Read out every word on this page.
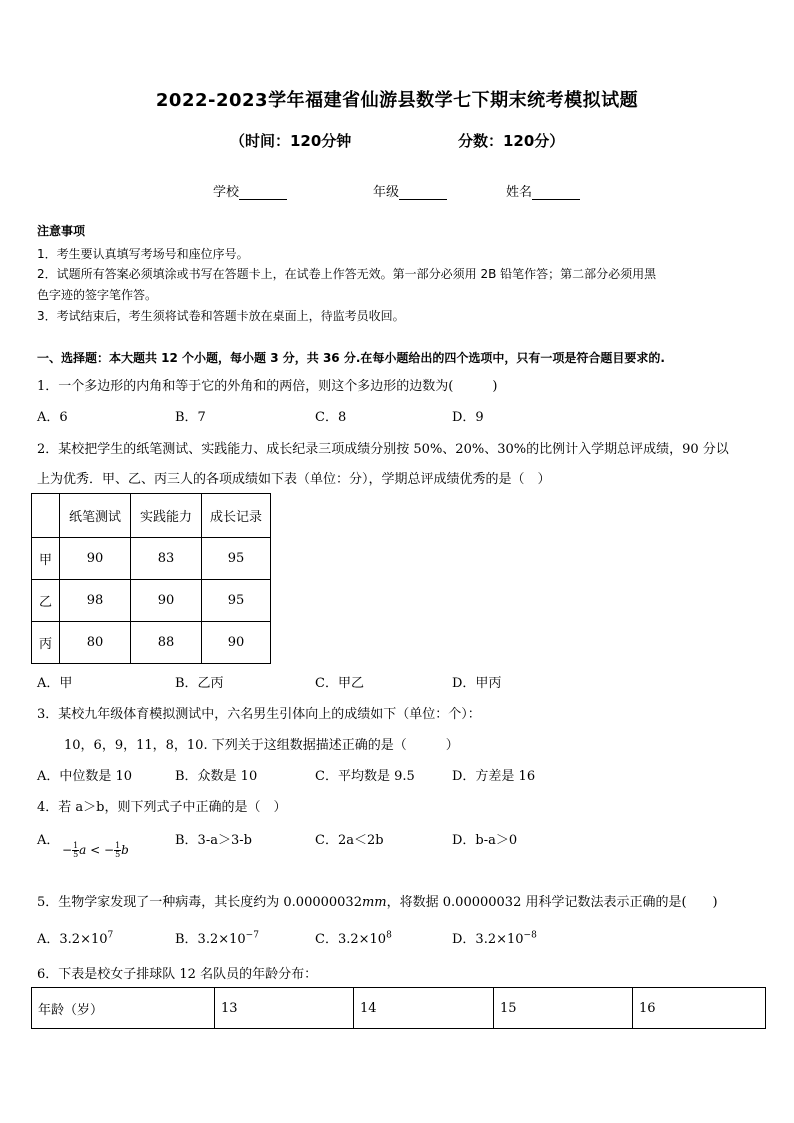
2022-2023学年福建省仙游县数学七下期末统考模拟试题
（时间：120分钟	分数：120分）
学校	年级	姓名
注意事项
1．考生要认真填写考场号和座位序号。
2．试题所有答案必须填涂或书写在答题卡上，在试卷上作答无效。第一部分必须用 2B 铅笔作答；第二部分必须用黑
色字迹的签字笔作答。
3．考试结束后，考生须将试卷和答题卡放在桌面上，待监考员收回。
一、选择题：本大题共 12 个小题，每小题 3 分，共 36 分.在每小题给出的四个选项中，只有一项是符合题目要求的.
1．一个多边形的内角和等于它的外角和的两倍，则这个多边形的边数为(　　　)
A．6	B．7	C．8	D．9
2．某校把学生的纸笔测试、实践能力、成长纪录三项成绩分别按 50%、20%、30%的比例计入学期总评成绩，90 分以
上为优秀．甲、乙、丙三人的各项成绩如下表（单位：分），学期总评成绩优秀的是（　）
	纸笔测试	实践能力	成长记录
甲	90	83	95
乙	98	90	95
丙	80	88	90
A．甲	B．乙丙	C．甲乙	D．甲丙
3．某校九年级体育模拟测试中，六名男生引体向上的成绩如下（单位：个）：
10，6，9，11，8，10. 下列关于这组数据描述正确的是（　　　）
A．中位数是 10	B．众数是 10	C．平均数是 9.5	D．方差是 16
4．若 a＞b，则下列式子中正确的是（　）
A．
− $\frac{1}{5}$ a < − $\frac{1}{5}$ b
B．3-a＞3-b	C．2a＜2b	D．b-a＞0
5．生物学家发现了一种病毒，其长度约为 0.00000032mm，将数据 0.00000032 用科学记数法表示正确的是(　　)
A．$3.2\times 10^7$	B．$3.2\times 10^{-7}$	C．$3.2\times 10^8$	D．$3.2\times 10^{-8}$
6．下表是校女子排球队 12 名队员的年龄分布：
年龄（岁）	13	14	15	16
